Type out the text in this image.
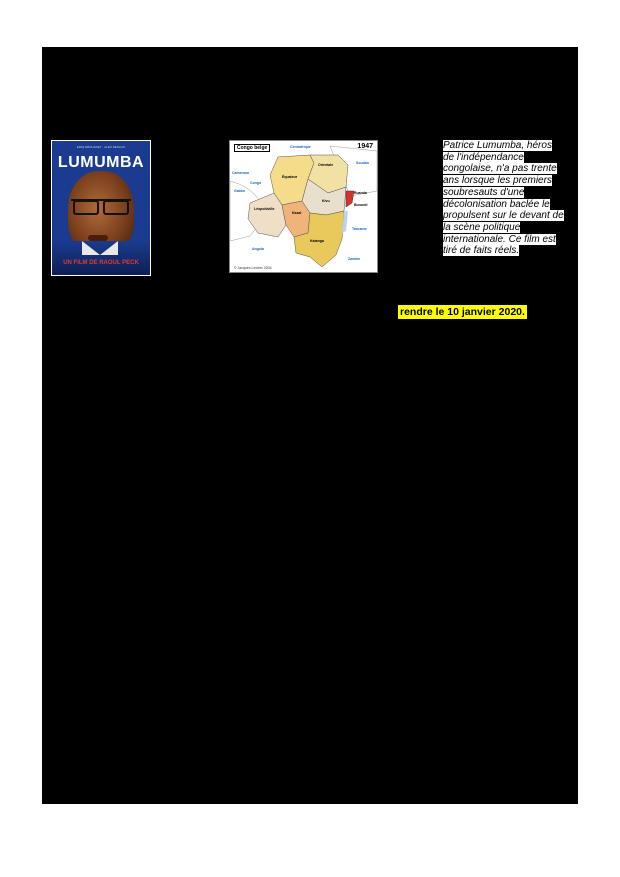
ERIQ EBOUANEY · ALEX DESCAS
LUMUMBA
UN FILM DE RAOUL PECK
Congo belge	1947
Centrafrique
Soudan
Cameroun
Gabon
Congo
Ruanda
Burundi
Tanzanie
Angola
Zambie
Équateur
Orientale
Léopoldville
Kasaï
Kivu
Katanga
© Jacques Leclerc 2004
Patrice Lumumba, héros
de l'indépendance
congolaise, n'a pas trente
ans lorsque les premiers
soubresauts d'une
décolonisation baclée le
propulsent sur le devant de
la scène politique
internationale. Ce film est
tiré de faits réels.
rendre le 10 janvier 2020.
